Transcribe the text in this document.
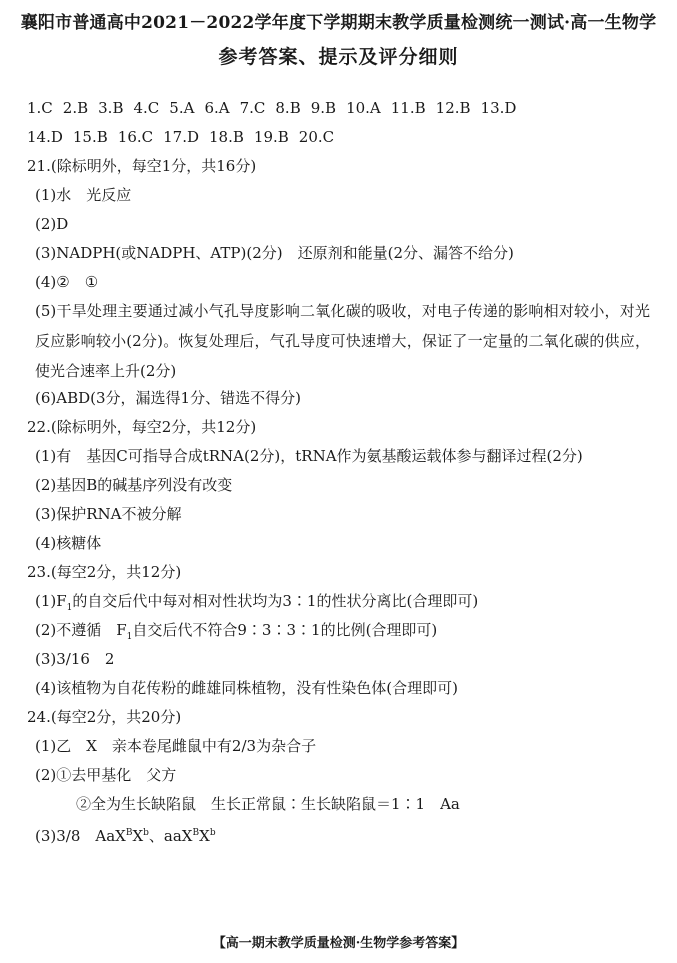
襄阳市普通高中2021－2022学年度下学期期末教学质量检测统一测试·高一生物学
参考答案、提示及评分细则
1.C 2.B 3.B 4.C 5.A 6.A 7.C 8.B 9.B 10.A 11.B 12.B 13.D
14.D 15.B 16.C 17.D 18.B 19.B 20.C
21.(除标明外，每空1分，共16分)
(1)水　光反应
(2)D
(3)NADPH(或NADPH、ATP)(2分)　还原剂和能量(2分、漏答不给分)
(4)②　①
(5)干旱处理主要通过减小气孔导度影响二氧化碳的吸收，对电子传递的影响相对较小，对光反应影响较小(2分)。恢复处理后，气孔导度可快速增大，保证了一定量的二氧化碳的供应，使光合速率上升(2分)
(6)ABD(3分，漏选得1分、错选不得分)
22.(除标明外，每空2分，共12分)
(1)有　基因C可指导合成tRNA(2分)，tRNA作为氨基酸运载体参与翻译过程(2分)
(2)基因B的碱基序列没有改变
(3)保护RNA不被分解
(4)核糖体
23.(每空2分，共12分)
$(1)F_1$的自交后代中每对相对性状均为3∶1的性状分离比(合理即可)
(2)不遵循　$F_1$自交后代不符合9∶3∶3∶1的比例(合理即可)
(3)3/16　2
(4)该植物为自花传粉的雌雄同株植物，没有性染色体(合理即可)
24.(每空2分，共20分)
(1)乙　X　亲本卷尾雌鼠中有2/3为杂合子
(2)①去甲基化　父方
②全为生长缺陷鼠　生长正常鼠∶生长缺陷鼠＝1∶1　Aa
(3)3/8　$AaX^BX^b$、$aaX^BX^b$
【高一期末教学质量检测·生物学参考答案】
